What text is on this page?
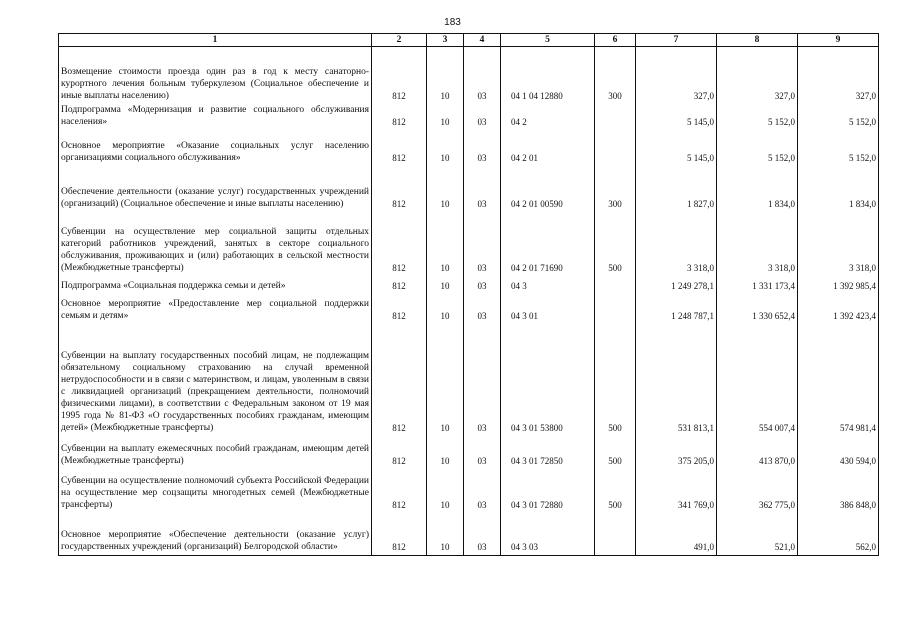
183
1	2	3	4	5	6	7	8	9
Возмещение стоимости проезда один раз в год к месту санаторно-курортного лечения больным туберкулезом (Социальное обеспечение и иные выплаты населению)	812	10	03	04 1 04 12880	300	327,0	327,0	327,0
Подпрограмма «Модернизация и развитие социального обслуживания населения»	812	10	03	04 2		5 145,0	5 152,0	5 152,0
Основное мероприятие «Оказание социальных услуг населению организациями социального обслуживания»	812	10	03	04 2 01		5 145,0	5 152,0	5 152,0
Обеспечение деятельности (оказание услуг) государственных учреждений (организаций) (Социальное обеспечение и иные выплаты населению)	812	10	03	04 2 01 00590	300	1 827,0	1 834,0	1 834,0
Субвенции на осуществление мер социальной защиты отдельных категорий работников учреждений, занятых в секторе социального обслуживания, проживающих и (или) работающих в сельской местности (Межбюджетные трансферты)	812	10	03	04 2 01 71690	500	3 318,0	3 318,0	3 318,0
Подпрограмма «Социальная поддержка семьи и детей»	812	10	03	04 3		1 249 278,1	1 331 173,4	1 392 985,4
Основное мероприятие «Предоставление мер социальной поддержки семьям и детям»	812	10	03	04 3 01		1 248 787,1	1 330 652,4	1 392 423,4
Субвенции на выплату государственных пособий лицам, не подлежащим обязательному социальному страхованию на случай временной нетрудоспособности и в связи с материнством, и лицам, уволенным в связи с ликвидацией организаций (прекращением деятельности, полномочий физическими лицами), в соответствии с Федеральным законом от 19 мая 1995 года № 81-ФЗ «О государственных пособиях гражданам, имеющим детей» (Межбюджетные трансферты)	812	10	03	04 3 01 53800	500	531 813,1	554 007,4	574 981,4
Субвенции на выплату ежемесячных пособий гражданам, имеющим детей (Межбюджетные трансферты)	812	10	03	04 3 01 72850	500	375 205,0	413 870,0	430 594,0
Субвенции на осуществление полномочий субъекта Российской Федерации на осуществление мер соцзащиты многодетных семей (Межбюджетные трансферты)	812	10	03	04 3 01 72880	500	341 769,0	362 775,0	386 848,0
Основное мероприятие «Обеспечение деятельности (оказание услуг) государственных учреждений (организаций) Белгородской области»	812	10	03	04 3 03		491,0	521,0	562,0
